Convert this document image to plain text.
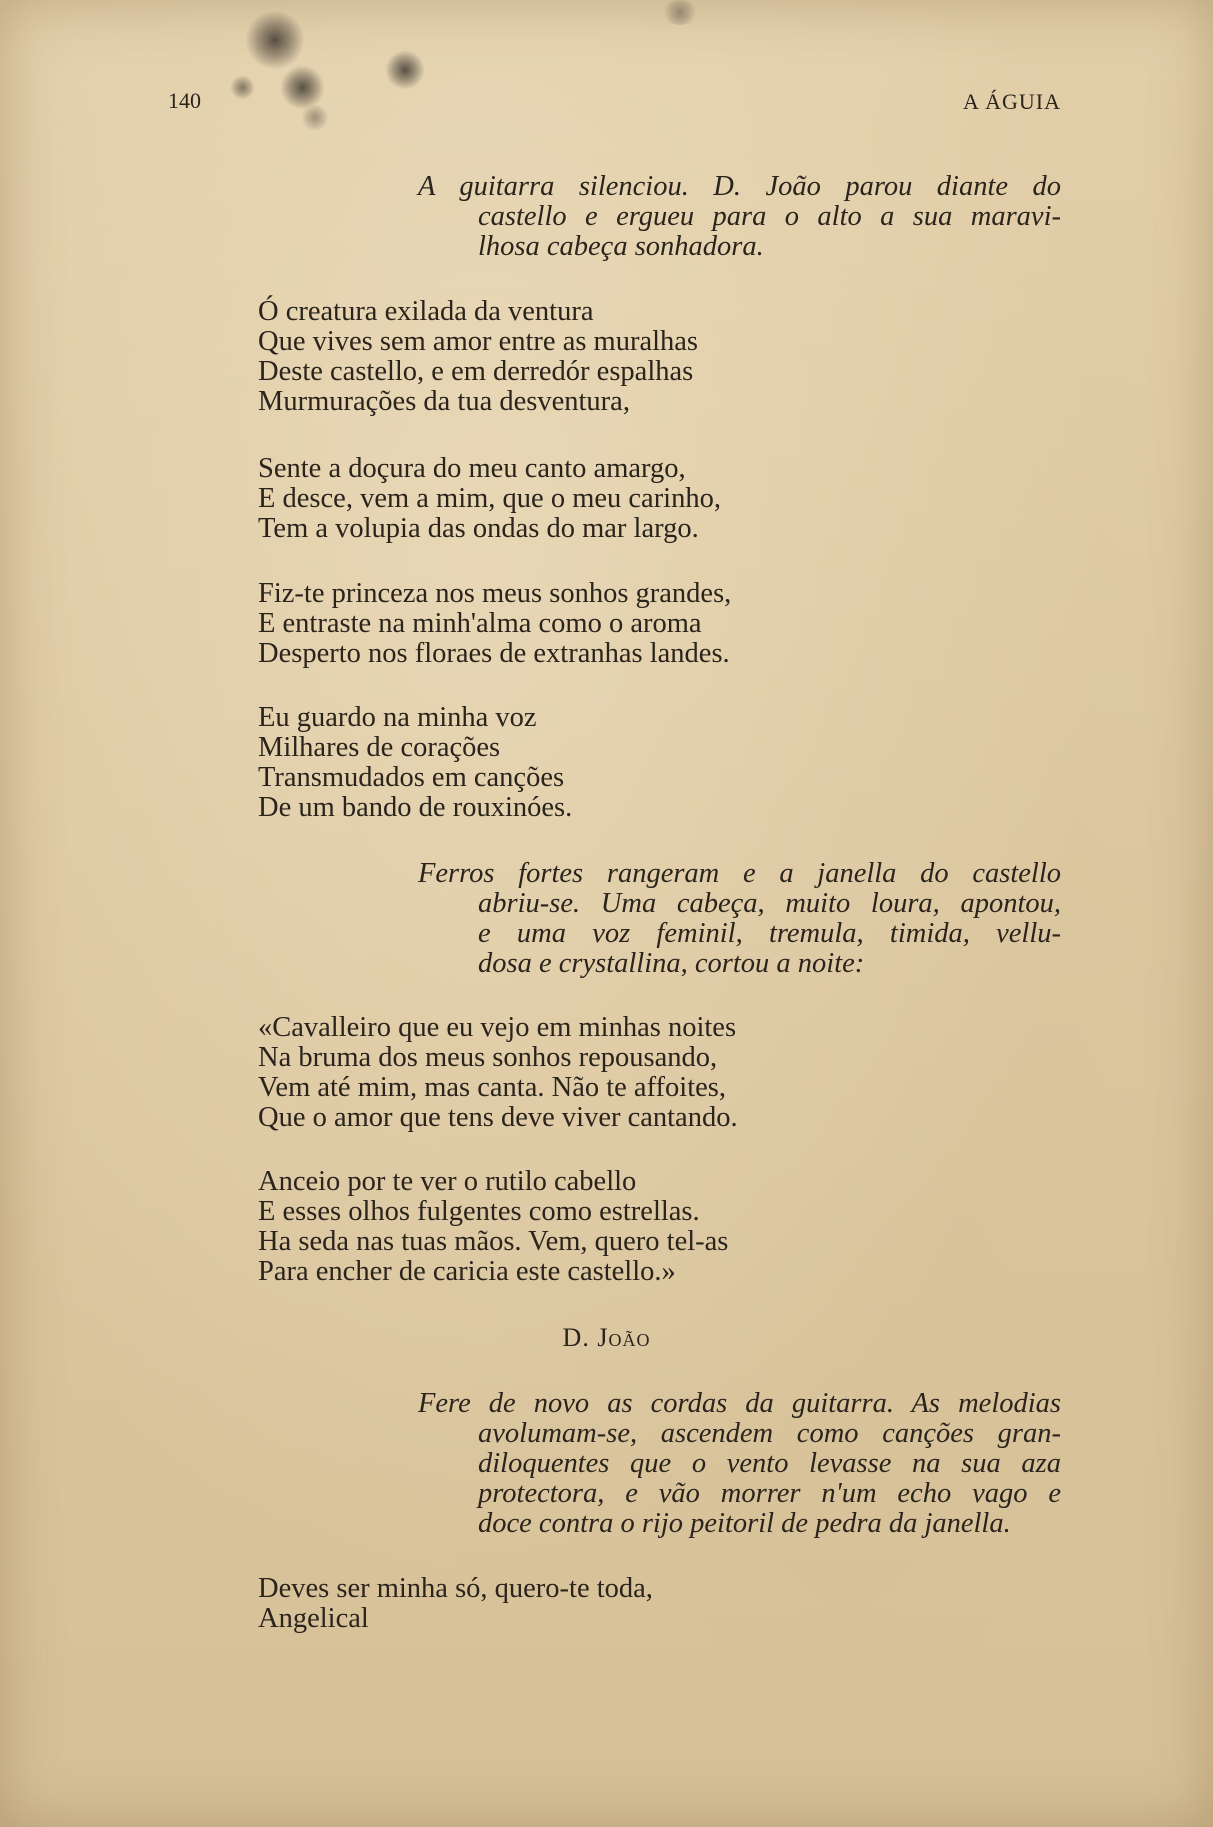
140	A ÁGUIA
A guitarra silenciou. D. João parou diante do
castello e ergueu para o alto a sua maravi-
lhosa cabeça sonhadora.
Ó creatura exilada da ventura
Que vives sem amor entre as muralhas
Deste castello, e em derredór espalhas
Murmurações da tua desventura,
Sente a doçura do meu canto amargo,
E desce, vem a mim, que o meu carinho,
Tem a volupia das ondas do mar largo.
Fiz-te princeza nos meus sonhos grandes,
E entraste na minh'alma como o aroma
Desperto nos floraes de extranhas landes.
Eu guardo na minha voz
Milhares de corações
Transmudados em canções
De um bando de rouxinóes.
Ferros fortes rangeram e a janella do castello
abriu-se. Uma cabeça, muito loura, apontou,
e uma voz feminil, tremula, timida, vellu-
dosa e crystallina, cortou a noite:
«Cavalleiro que eu vejo em minhas noites
Na bruma dos meus sonhos repousando,
Vem até mim, mas canta. Não te affoites,
Que o amor que tens deve viver cantando.
Anceio por te ver o rutilo cabello
E esses olhos fulgentes como estrellas.
Ha seda nas tuas mãos. Vem, quero tel-as
Para encher de caricia este castello.»
D. João
Fere de novo as cordas da guitarra. As melodias
avolumam-se, ascendem como canções gran-
diloquentes que o vento levasse na sua aza
protectora, e vão morrer n'um echo vago e
doce contra o rijo peitoril de pedra da janella.
Deves ser minha só, quero-te toda,
Angelical
